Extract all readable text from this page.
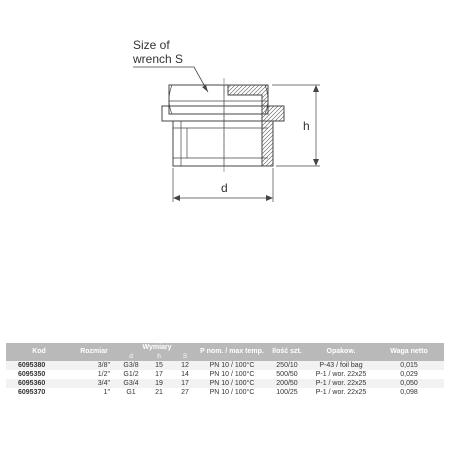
Size of
wrench S
h
d
Kod	Rozmiar	Wymiary			P nom. / max temp.	Ilość szt.	Opakow.	Waga netto
		d	h	S				
6095380	3/8"	G3/8	15	12	PN 10 / 100°C	250/10	P-43 / foil bag	0,015
6095350	1/2"	G1/2	17	14	PN 10 / 100°C	500/50	P-1 / wor. 22x25	0,029
6095360	3/4"	G3/4	19	17	PN 10 / 100°C	200/50	P-1 / wor. 22x25	0,050
6095370	1"	G1	21	27	PN 10 / 100°C	100/25	P-1 / wor. 22x25	0,098
